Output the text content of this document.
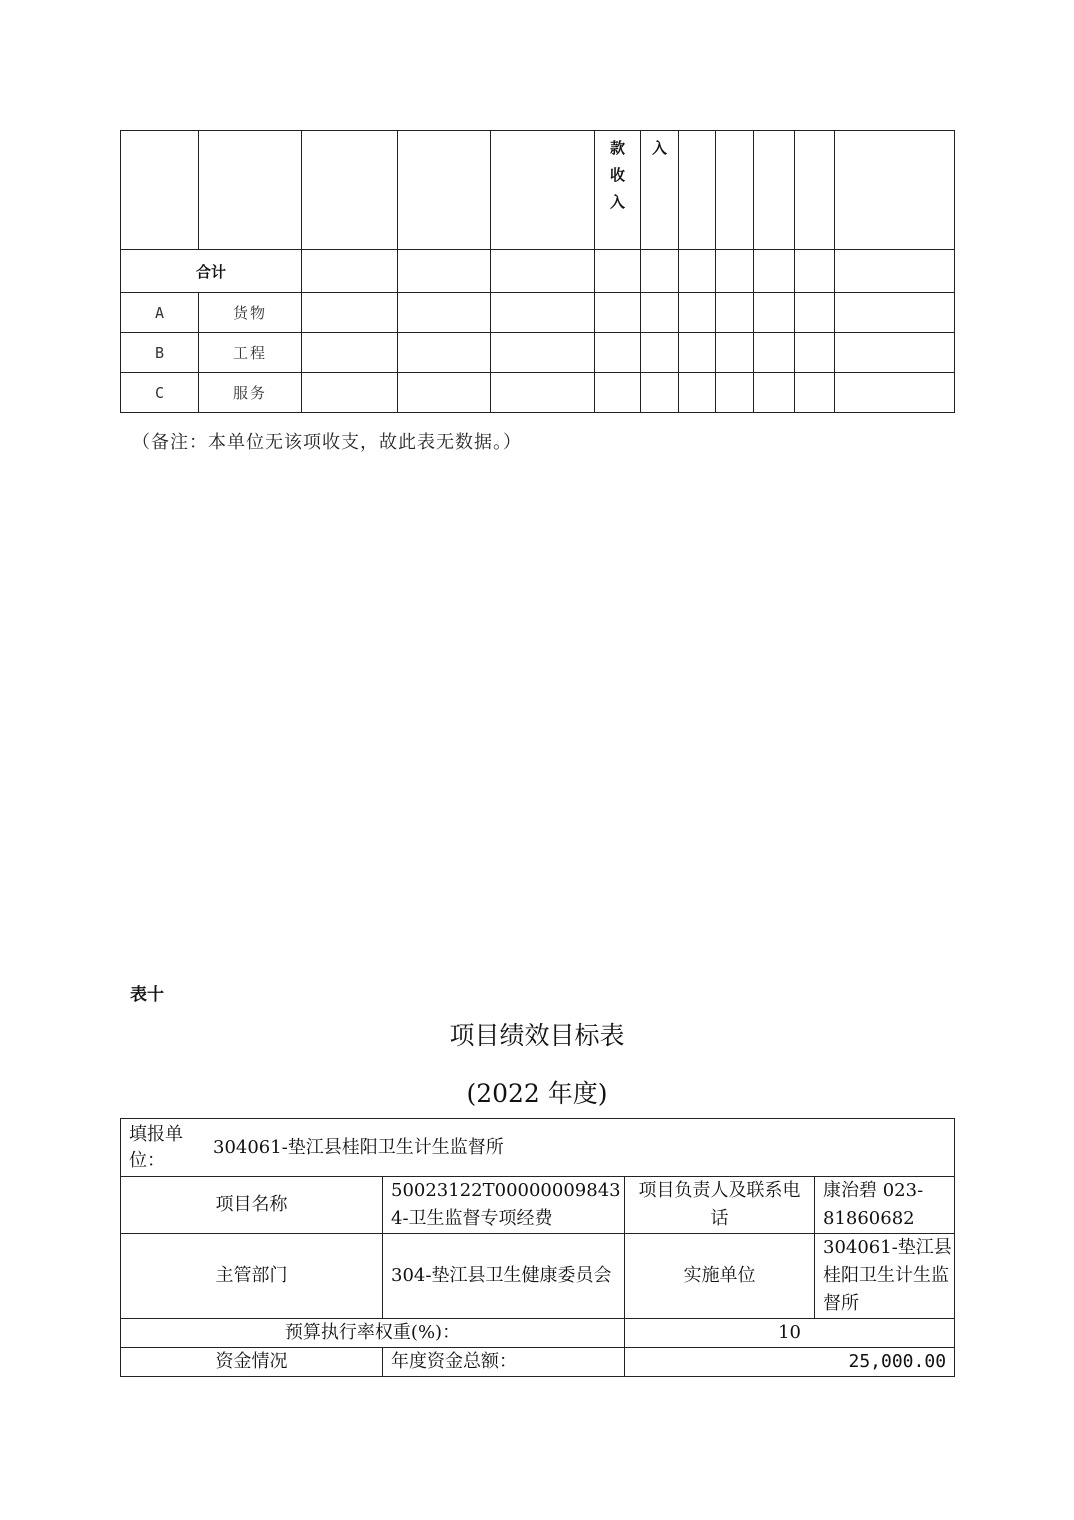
					款
收
入	入					

合计											
A	货物										
B	工程										
C	服务										
（备注：本单位无该项收支，故此表无数据。）
表十
项目绩效目标表
(2022 年度)
填报单位：304061-垫江县桂阳卫生计生监督所			
项目名称	50023122T000000098434-卫生监督专项经费	项目负责人及联系电话	康治碧 023-81860682
主管部门	304-垫江县卫生健康委员会	实施单位	304061-垫江县桂阳卫生计生监督所
预算执行率权重(%)：		10	
资金情况	年度资金总额：	25,000.00	
